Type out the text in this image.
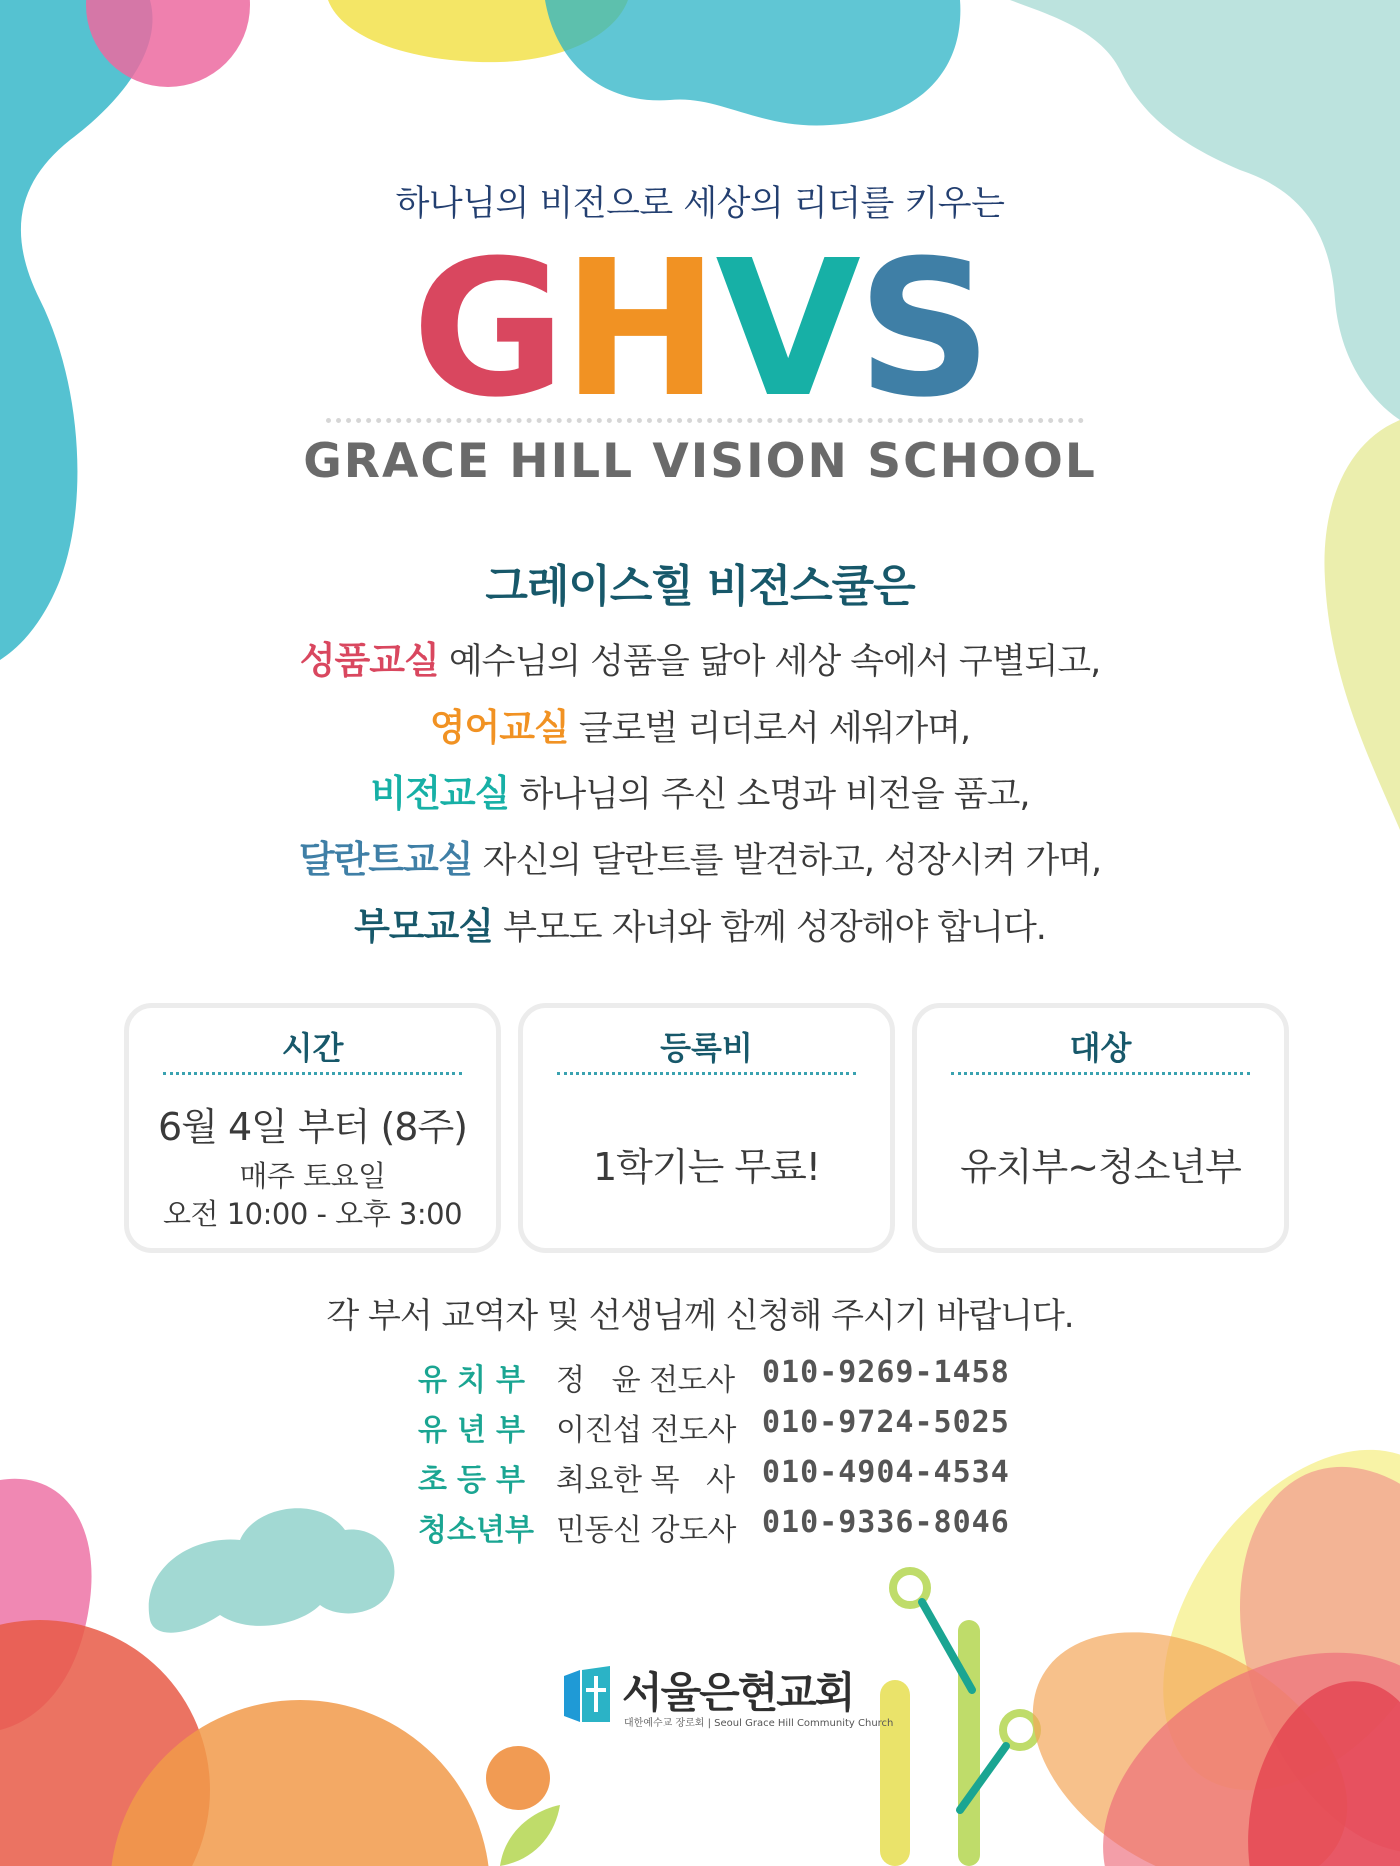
하나님의 비전으로 세상의 리더를 키우는
GHVS
GRACE HILL VISION SCHOOL
그레이스힐 비전스쿨은
성품교실 예수님의 성품을 닮아 세상 속에서 구별되고,
영어교실 글로벌 리더로서 세워가며,
비전교실 하나님의 주신 소명과 비전을 품고,
달란트교실 자신의 달란트를 발견하고, 성장시켜 가며,
부모교실 부모도 자녀와 함께 성장해야 합니다.
시간
6월 4일 부터 (8주)
매주 토요일
오전 10:00 - 오후 3:00
등록비
1학기는 무료!
대상
유치부~청소년부
각 부서 교역자 및 선생님께 신청해 주시기 바랍니다.
유치부 정   윤 전도사 010-9269-1458
유년부 이진섭 전도사 010-9724-5025
초등부 최요한 목   사 010-4904-4534
청소년부 민동신 강도사 010-9336-8046
서울은현교회
대한예수교 장로회 | Seoul Grace Hill Community Church
